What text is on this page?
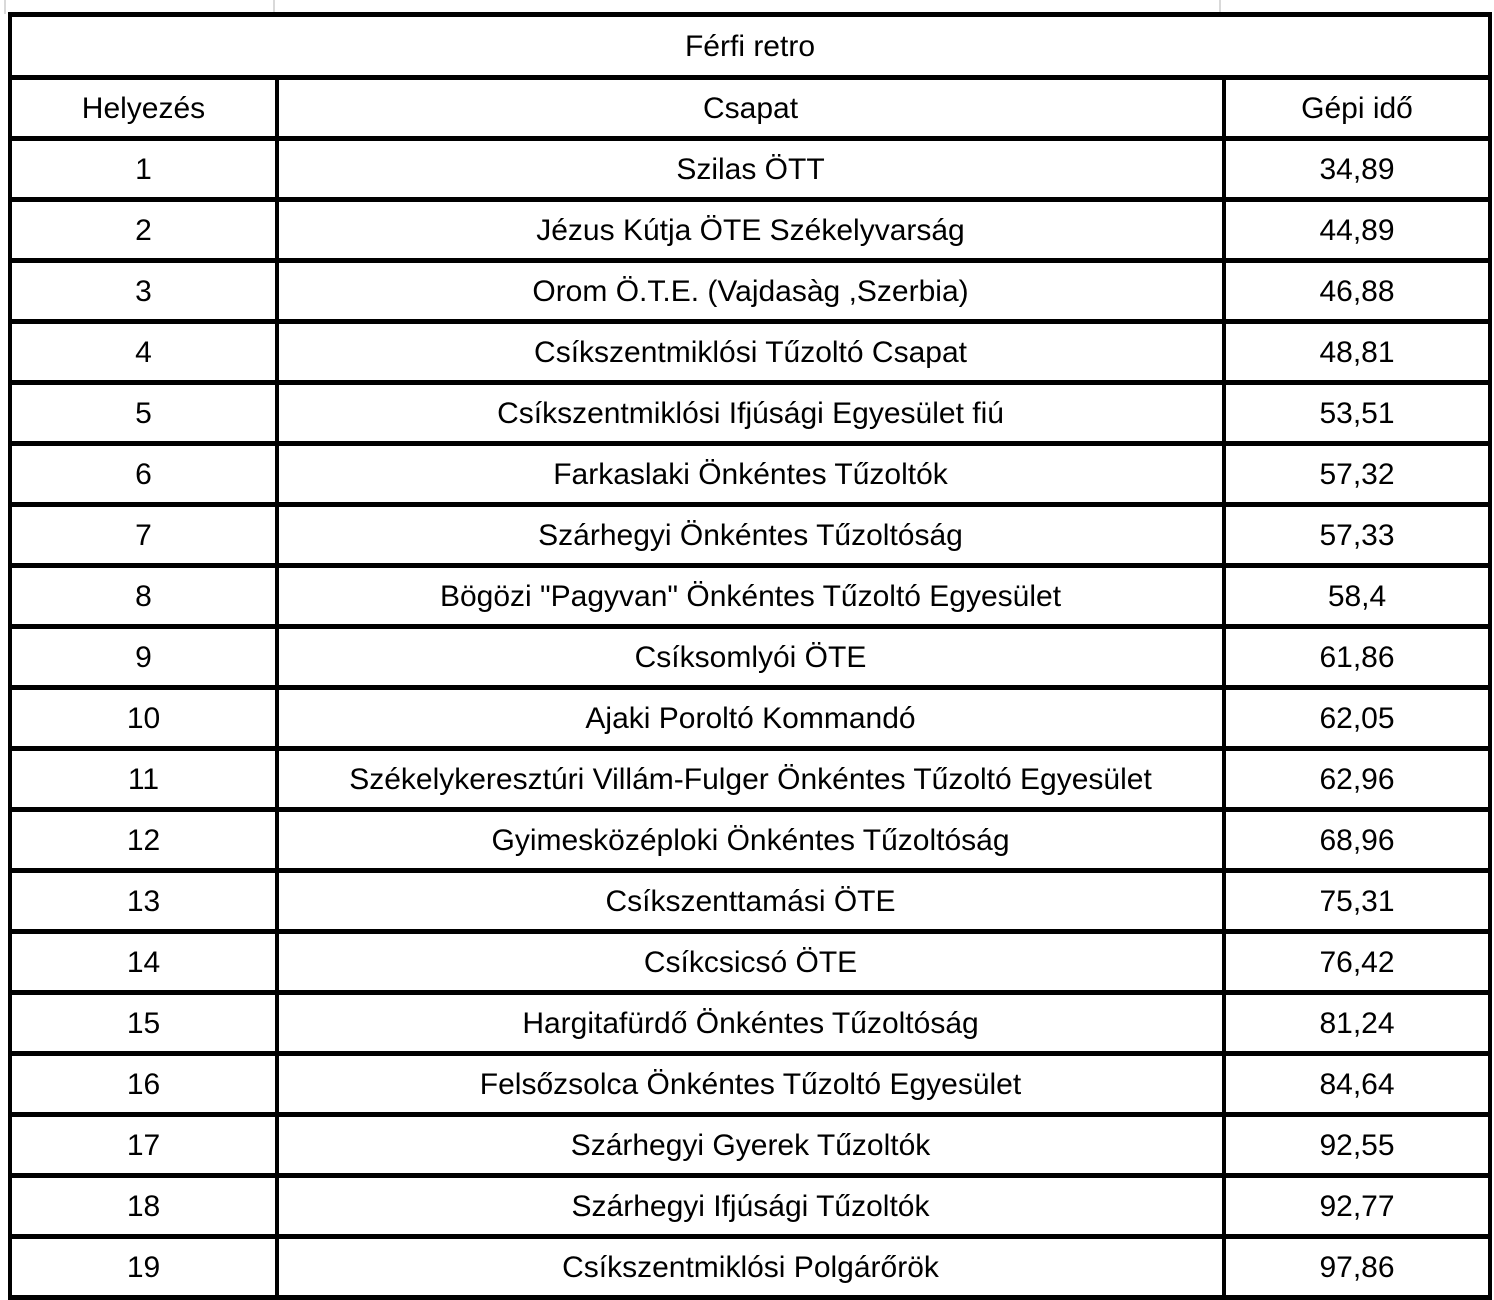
Férfi retro		
Helyezés	Csapat	Gépi idő
1	Szilas ÖTT	34,89
2	Jézus Kútja ÖTE Székelyvarság	44,89
3	Orom Ö.T.E. (Vajdasàg ,Szerbia)	46,88
4	Csíkszentmiklósi Tűzoltó Csapat	48,81
5	Csíkszentmiklósi Ifjúsági Egyesület fiú	53,51
6	Farkaslaki Önkéntes Tűzoltók	57,32
7	Szárhegyi Önkéntes Tűzoltóság	57,33
8	Bögözi "Pagyvan" Önkéntes Tűzoltó Egyesület	58,4
9	Csíksomlyói ÖTE	61,86
10	Ajaki Poroltó Kommandó	62,05
11	Székelykeresztúri Villám-Fulger Önkéntes Tűzoltó Egyesület	62,96
12	Gyimesközéploki Önkéntes Tűzoltóság	68,96
13	Csíkszenttamási ÖTE	75,31
14	Csíkcsicsó ÖTE	76,42
15	Hargitafürdő Önkéntes Tűzoltóság	81,24
16	Felsőzsolca Önkéntes Tűzoltó Egyesület	84,64
17	Szárhegyi Gyerek Tűzoltók	92,55
18	Szárhegyi Ifjúsági Tűzoltók	92,77
19	Csíkszentmiklósi Polgárőrök	97,86
